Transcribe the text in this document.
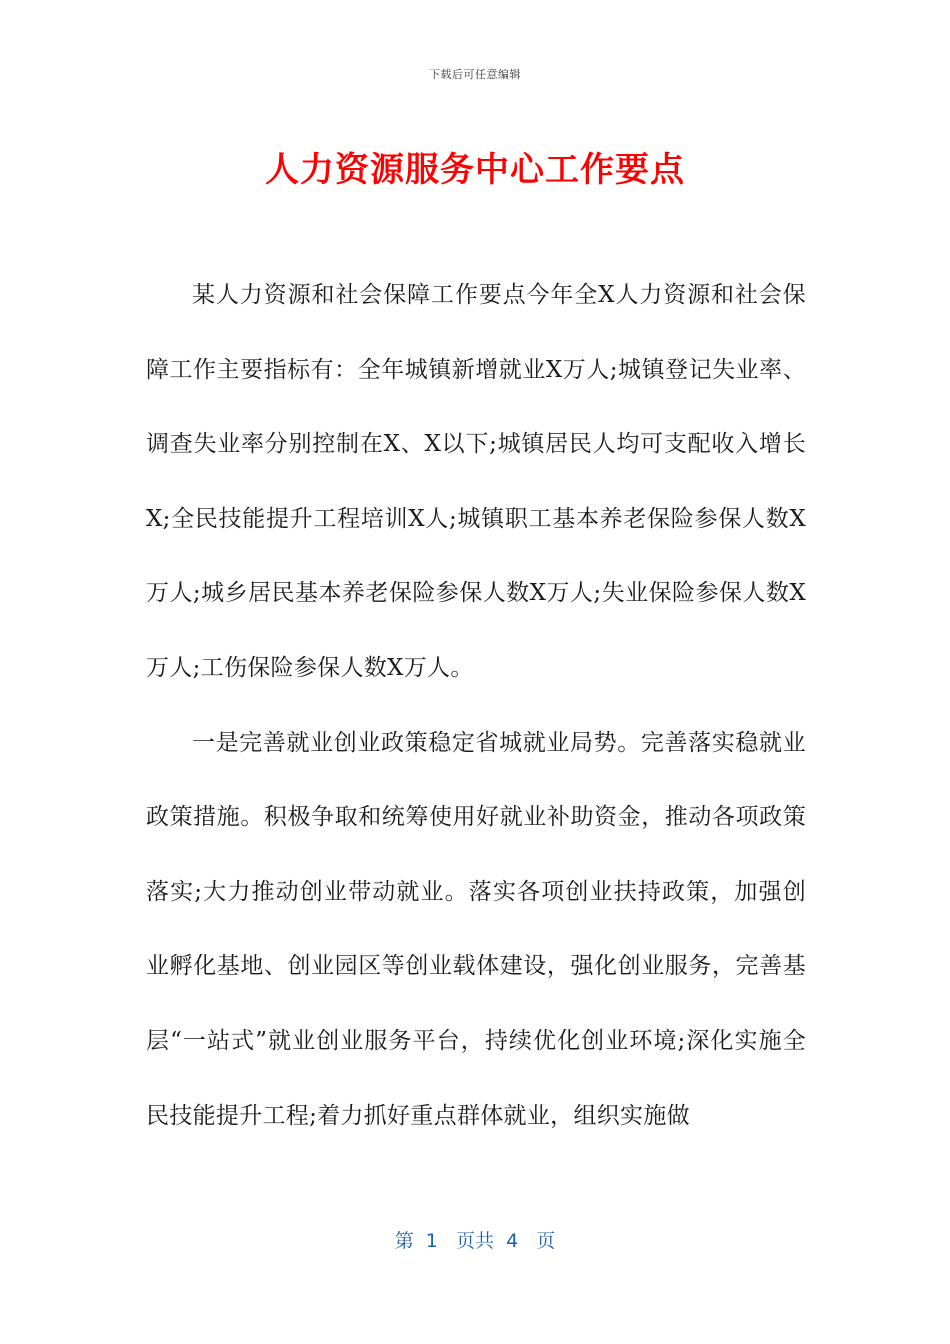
下载后可任意编辑
人力资源服务中心工作要点

某人力资源和社会保障工作要点今年全X人力资源和社会保障工作主要指标有：全年城镇新增就业X万人;城镇登记失业率、调查失业率分别控制在X、X以下;城镇居民人均可支配收入增长X;全民技能提升工程培训X人;城镇职工基本养老保险参保人数X万人;城乡居民基本养老保险参保人数X万人;失业保险参保人数X万人;工伤保险参保人数X万人。

一是完善就业创业政策稳定省城就业局势。完善落实稳就业政策措施。积极争取和统筹使用好就业补助资金，推动各项政策落实;大力推动创业带动就业。落实各项创业扶持政策，加强创业孵化基地、创业园区等创业载体建设，强化创业服务，完善基层“一站式”就业创业服务平台，持续优化创业环境;深化实施全民技能提升工程;着力抓好重点群体就业，组织实施做

第  1   页共  4   页
